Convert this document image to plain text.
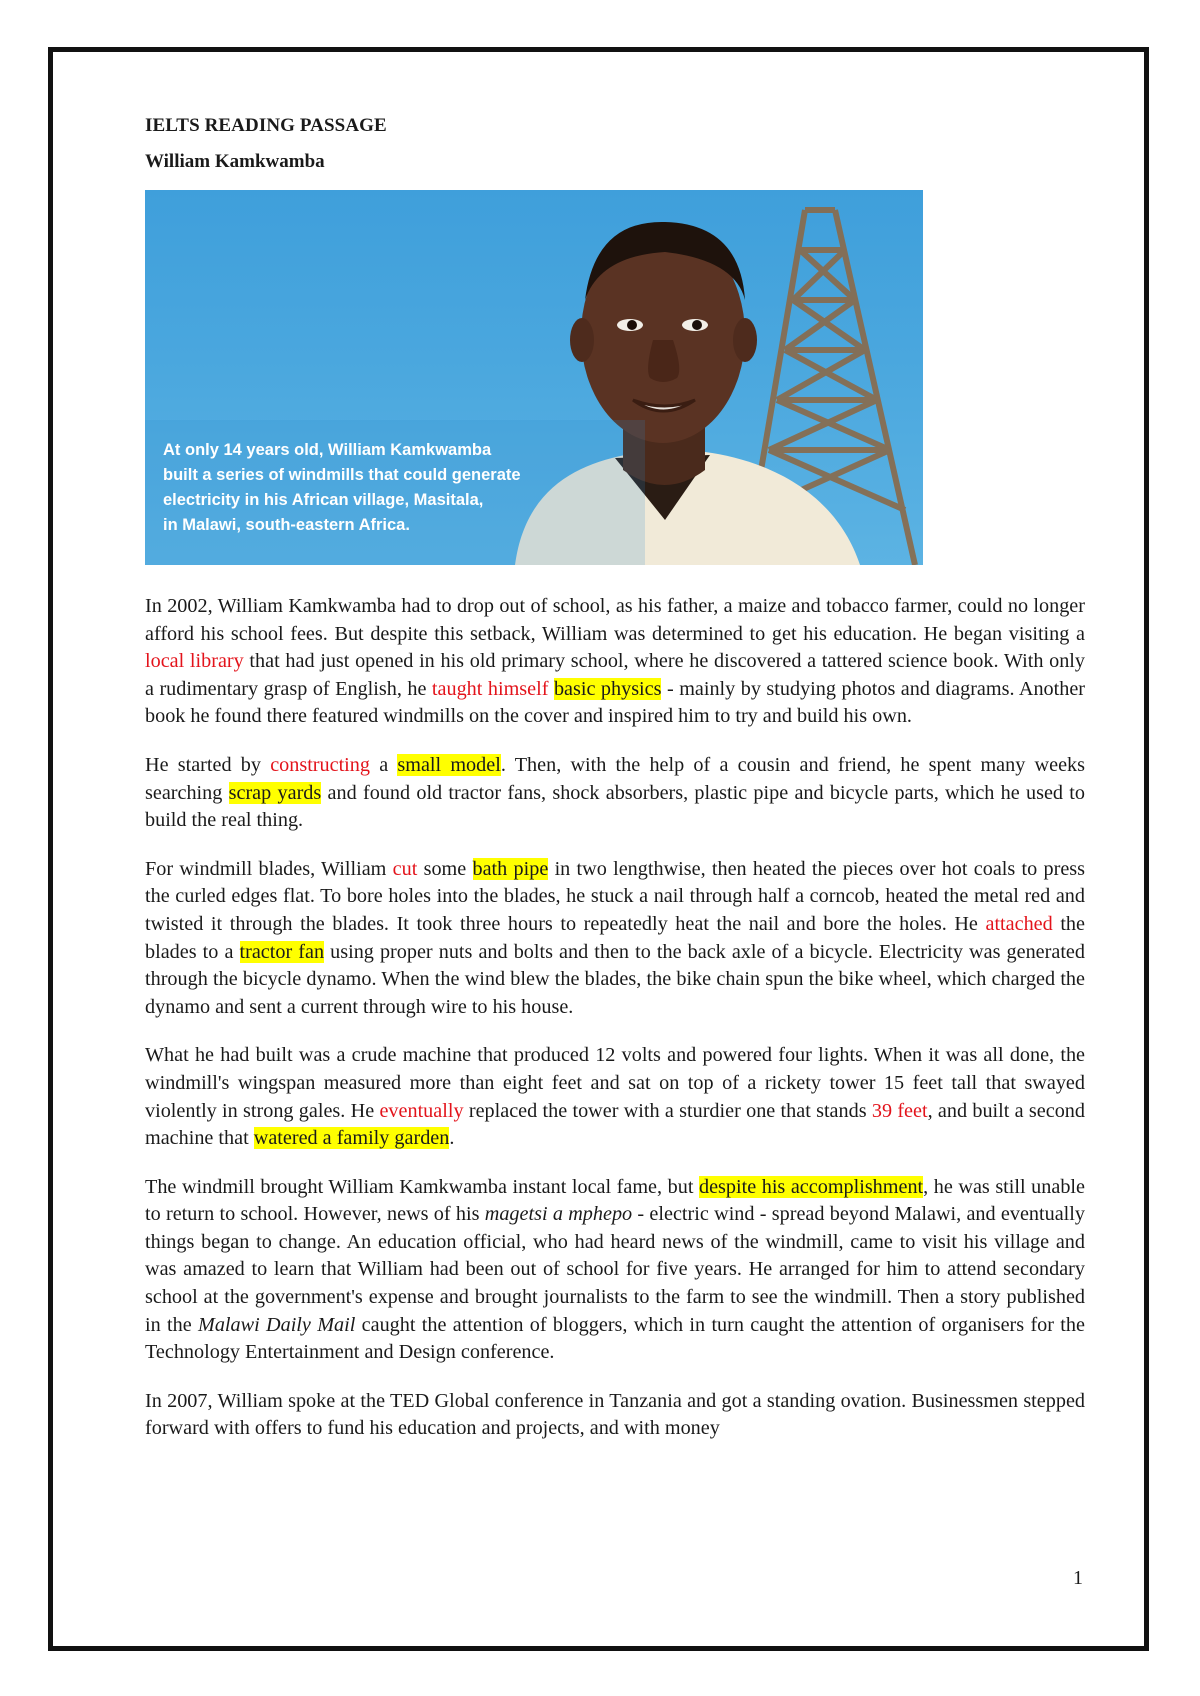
IELTS READING PASSAGE
William Kamkwamba
At only 14 years old, William Kamkwamba
built a series of windmills that could generate
electricity in his African village, Masitala,
in Malawi, south-eastern Africa.

In 2002, William Kamkwamba had to drop out of school, as his father, a maize and tobacco farmer, could no longer afford his school fees. But despite this setback, William was determined to get his education. He began visiting a local library that had just opened in his old primary school, where he discovered a tattered science book. With only a rudimentary grasp of English, he taught himself basic physics - mainly by studying photos and diagrams. Another book he found there featured windmills on the cover and inspired him to try and build his own.

He started by constructing a small model. Then, with the help of a cousin and friend, he spent many weeks searching scrap yards and found old tractor fans, shock absorbers, plastic pipe and bicycle parts, which he used to build the real thing.

For windmill blades, William cut some bath pipe in two lengthwise, then heated the pieces over hot coals to press the curled edges flat. To bore holes into the blades, he stuck a nail through half a corncob, heated the metal red and twisted it through the blades. It took three hours to repeatedly heat the nail and bore the holes. He attached the blades to a tractor fan using proper nuts and bolts and then to the back axle of a bicycle. Electricity was generated through the bicycle dynamo. When the wind blew the blades, the bike chain spun the bike wheel, which charged the dynamo and sent a current through wire to his house.

What he had built was a crude machine that produced 12 volts and powered four lights. When it was all done, the windmill's wingspan measured more than eight feet and sat on top of a rickety tower 15 feet tall that swayed violently in strong gales. He eventually replaced the tower with a sturdier one that stands 39 feet, and built a second machine that watered a family garden.

The windmill brought William Kamkwamba instant local fame, but despite his accomplishment, he was still unable to return to school. However, news of his magetsi a mphepo - electric wind - spread beyond Malawi, and eventually things began to change. An education official, who had heard news of the windmill, came to visit his village and was amazed to learn that William had been out of school for five years. He arranged for him to attend secondary school at the government's expense and brought journalists to the farm to see the windmill. Then a story published in the Malawi Daily Mail caught the attention of bloggers, which in turn caught the attention of organisers for the Technology Entertainment and Design conference.

In 2007, William spoke at the TED Global conference in Tanzania and got a standing ovation. Businessmen stepped forward with offers to fund his education and projects, and with money

1
